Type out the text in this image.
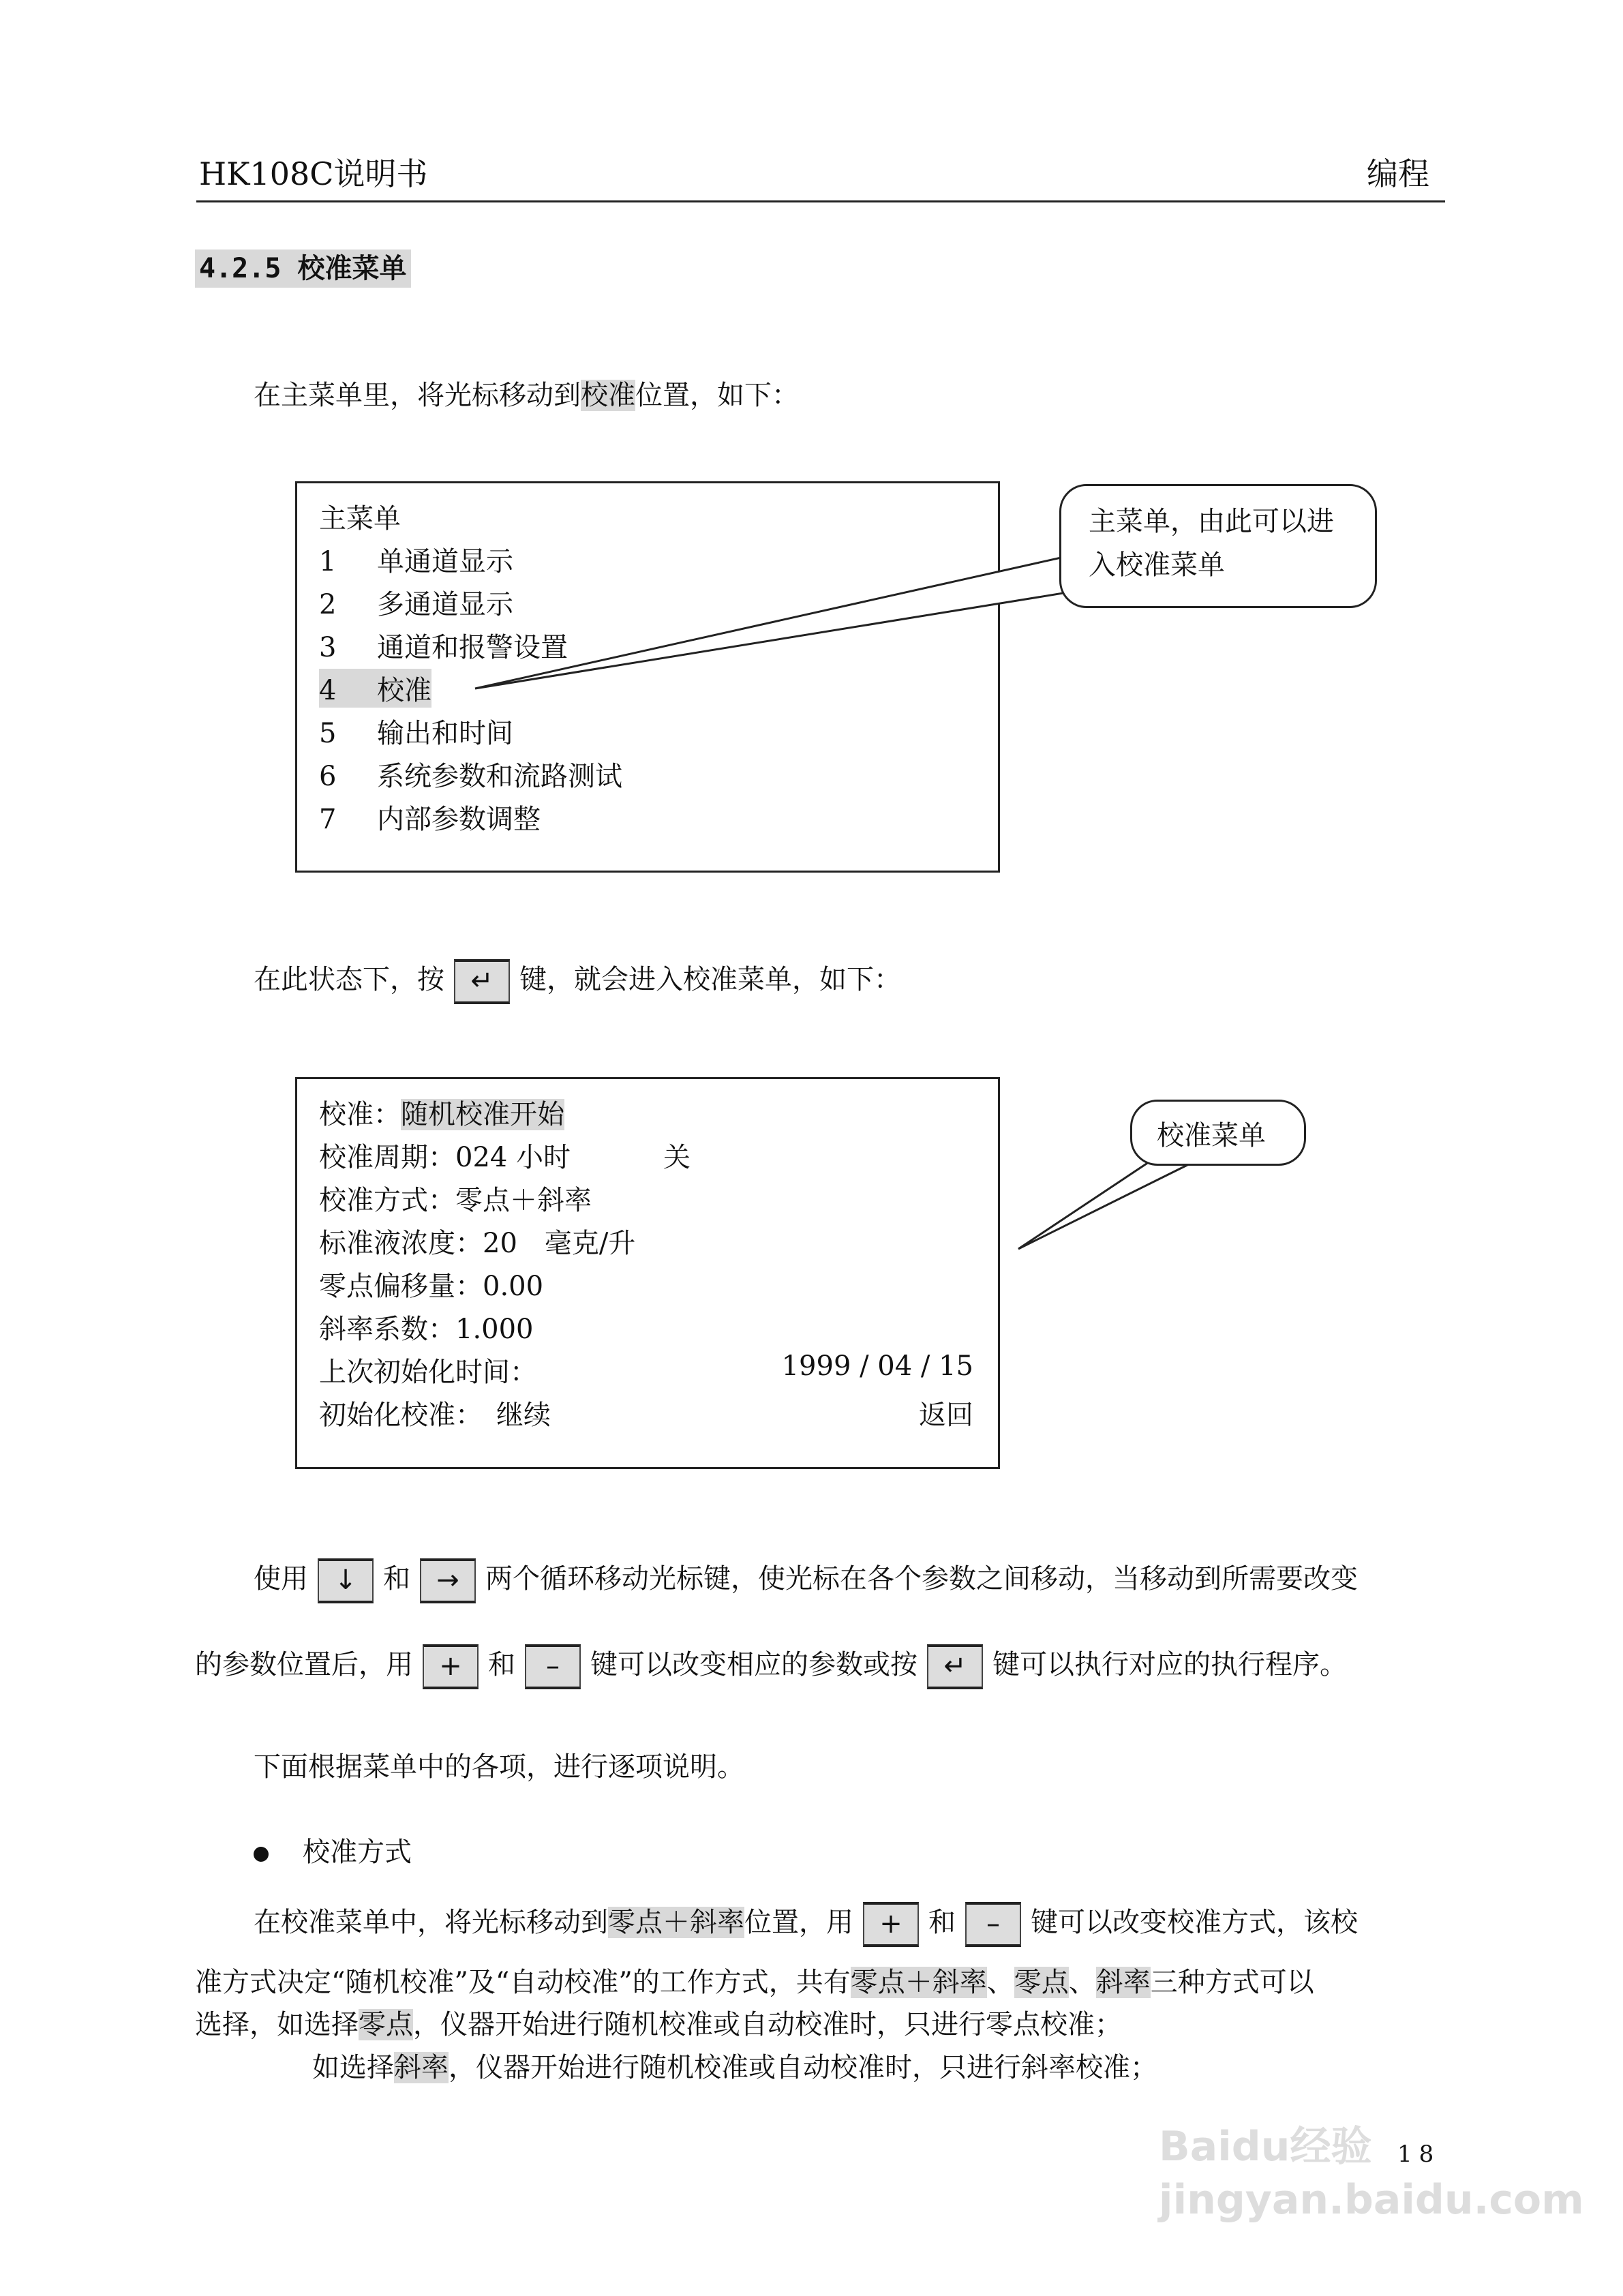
HK108C说明书	编程
4.2.5 校准菜单
在主菜单里，将光标移动到校准位置，如下：
主菜单
1 单通道显示
2 多通道显示
3 通道和报警设置
4 校准
5 输出和时间
6 系统参数和流路测试
7 内部参数调整
主菜单，由此可以进入校准菜单
在此状态下，按 ↵ 键，就会进入校准菜单，如下：
校准：随机校准开始
校准周期：024 小时	关
校准方式：零点＋斜率
标准液浓度：20　毫克/升
零点偏移量：0.00
斜率系数：1.000
上次初始化时间：	1999 / 04 / 15
初始化校准：　继续	返回
校准菜单
使用 ↓ 和 → 两个循环移动光标键，使光标在各个参数之间移动，当移动到所需要改变
的参数位置后，用 + 和 – 键可以改变相应的参数或按 ↵ 键可以执行对应的执行程序。
下面根据菜单中的各项，进行逐项说明。
校准方式
在校准菜单中，将光标移动到零点＋斜率位置，用 + 和 – 键可以改变校准方式，该校
准方式决定“随机校准”及“自动校准”的工作方式，共有零点＋斜率、零点、斜率三种方式可以
选择，如选择零点，仪器开始进行随机校准或自动校准时，只进行零点校准；
如选择斜率，仪器开始进行随机校准或自动校准时，只进行斜率校准；
18
Baidu经验 jingyan.baidu.com
